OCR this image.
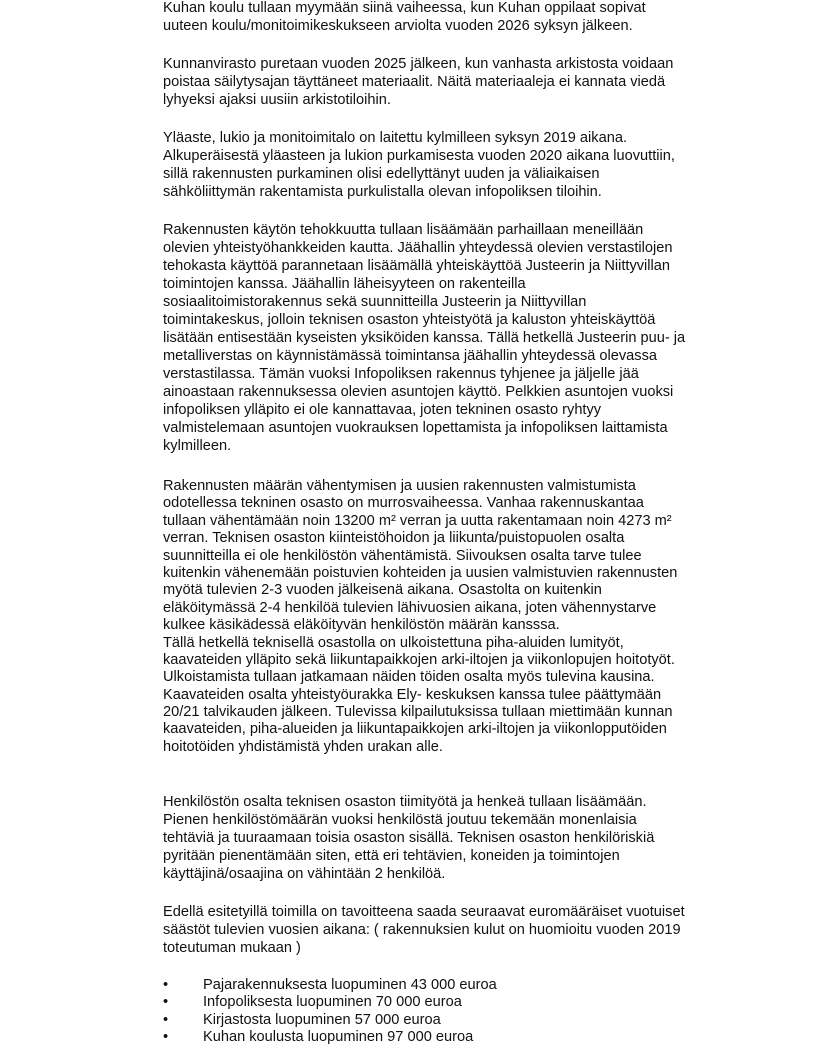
Kuhan koulu tullaan myymään siinä vaiheessa, kun Kuhan oppilaat sopivat
uuteen koulu/monitoimikeskukseen arviolta vuoden 2026 syksyn jälkeen.
Kunnanvirasto puretaan vuoden 2025 jälkeen, kun vanhasta arkistosta voidaan
poistaa säilytysajan täyttäneet materiaalit. Näitä materiaaleja ei kannata viedä
lyhyeksi ajaksi uusiin arkistotiloihin.
Yläaste, lukio ja monitoimitalo on laitettu kylmilleen syksyn 2019 aikana.
Alkuperäisestä yläasteen ja lukion purkamisesta vuoden 2020 aikana luovuttiin,
sillä rakennusten purkaminen olisi edellyttänyt uuden ja väliaikaisen
sähköliittymän rakentamista purkulistalla olevan infopoliksen tiloihin.
Rakennusten käytön tehokkuutta tullaan lisäämään parhaillaan meneillään
olevien yhteistyöhankkeiden kautta. Jäähallin yhteydessä olevien verstastilojen
tehokasta käyttöä parannetaan lisäämällä yhteiskäyttöä Justeerin ja Niittyvillan
toimintojen kanssa. Jäähallin läheisyyteen on rakenteilla
sosiaalitoimistorakennus sekä suunnitteilla Justeerin ja Niittyvillan
toimintakeskus, jolloin teknisen osaston yhteistyötä ja kaluston yhteiskäyttöä
lisätään entisestään kyseisten yksiköiden kanssa. Tällä hetkellä Justeerin puu- ja
metalliverstas on käynnistämässä toimintansa jäähallin yhteydessä olevassa
verstastilassa. Tämän vuoksi Infopoliksen rakennus tyhjenee ja jäljelle jää
ainoastaan rakennuksessa olevien asuntojen käyttö. Pelkkien asuntojen vuoksi
infopoliksen ylläpito ei ole kannattavaa, joten tekninen osasto ryhtyy
valmistelemaan asuntojen vuokrauksen lopettamista ja infopoliksen laittamista
kylmilleen.
Rakennusten määrän vähentymisen ja uusien rakennusten valmistumista
odotellessa tekninen osasto on murrosvaiheessa. Vanhaa rakennuskantaa
tullaan vähentämään noin 13200 m² verran ja uutta rakentamaan noin 4273 m²
verran. Teknisen osaston kiinteistöhoidon ja liikunta/puistopuolen osalta
suunnitteilla ei ole henkilöstön vähentämistä. Siivouksen osalta tarve tulee
kuitenkin vähenemään poistuvien kohteiden ja uusien valmistuvien rakennusten
myötä tulevien 2-3 vuoden jälkeisenä aikana. Osastolta on kuitenkin
eläköitymässä 2-4 henkilöä tulevien lähivuosien aikana, joten vähennystarve
kulkee käsikädessä eläköityvän henkilöstön määrän kansssa.
Tällä hetkellä teknisellä osastolla on ulkoistettuna piha-aluiden lumityöt,
kaavateiden ylläpito sekä liikuntapaikkojen arki-iltojen ja viikonlopujen hoitotyöt.
Ulkoistamista tullaan jatkamaan näiden töiden osalta myös tulevina kausina.
Kaavateiden osalta yhteistyöurakka Ely- keskuksen kanssa tulee päättymään
20/21 talvikauden jälkeen. Tulevissa kilpailutuksissa tullaan miettimään kunnan
kaavateiden, piha-alueiden ja liikuntapaikkojen arki-iltojen ja viikonlopputöiden
hoitotöiden yhdistämistä yhden urakan alle.
Henkilöstön osalta teknisen osaston tiimityötä ja henkeä tullaan lisäämään.
Pienen henkilöstömäärän vuoksi henkilöstä joutuu tekemään monenlaisia
tehtäviä ja tuuraamaan toisia osaston sisällä. Teknisen osaston henkilöriskiä
pyritään pienentämään siten, että eri tehtävien, koneiden ja toimintojen
käyttäjinä/osaajina on vähintään 2 henkilöä.
Edellä esitetyillä toimilla on tavoitteena saada seuraavat euromääräiset vuotuiset
säästöt tulevien vuosien aikana: ( rakennuksien kulut on huomioitu vuoden 2019
toteutuman mukaan )
• Pajarakennuksesta luopuminen 43 000 euroa
• Infopoliksesta luopuminen 70 000 euroa
• Kirjastosta luopuminen 57 000 euroa
• Kuhan koulusta luopuminen 97 000 euroa
